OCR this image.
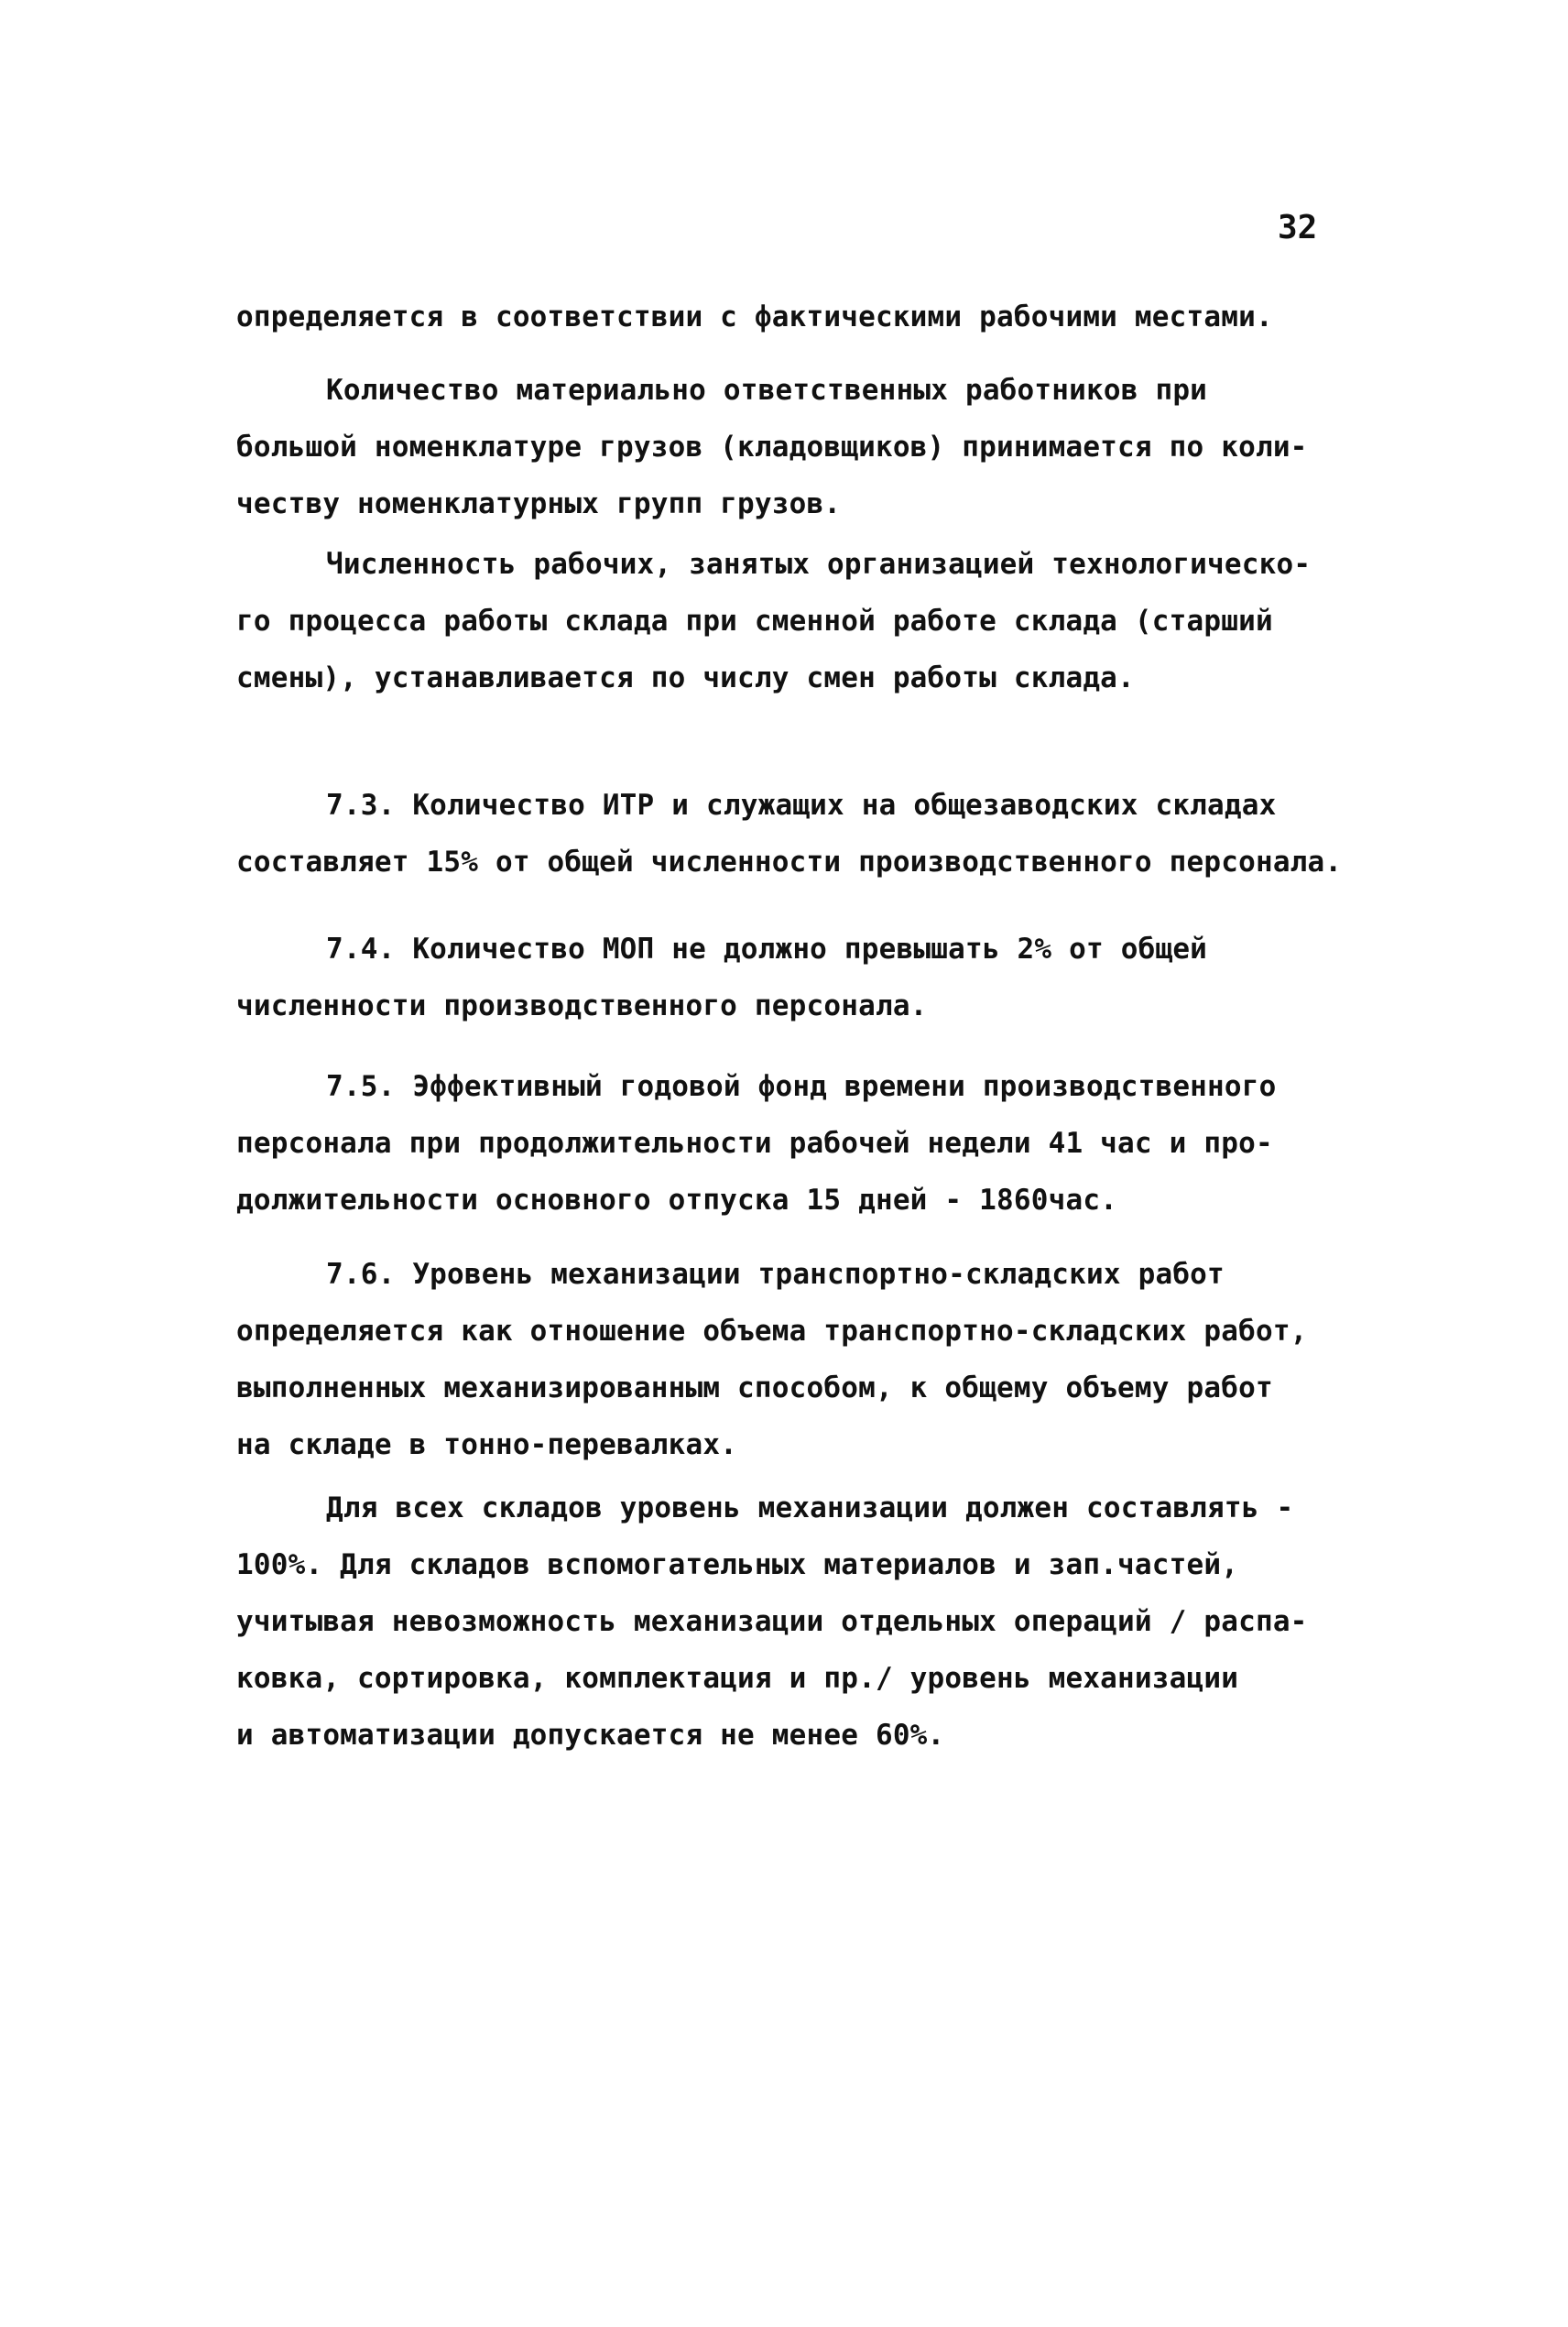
32
определяется в соответствии с фактическими рабочими местами.
Количество материально ответственных работников при
большой номенклатуре грузов (кладовщиков) принимается по коли-
честву номенклатурных групп грузов.
Численность рабочих, занятых организацией технологическо-
го процесса работы склада при сменной работе склада (старший
смены), устанавливается по числу смен работы склада.
7.3. Количество ИТР и служащих на общезаводских складах
составляет 15% от общей численности производственного персонала.
7.4. Количество МОП не должно превышать 2% от общей
численности производственного персонала.
7.5. Эффективный годовой фонд времени производственного
персонала при продолжительности рабочей недели 41 час и про-
должительности основного отпуска 15 дней - 1860час.
7.6. Уровень механизации транспортно-складских работ
определяется как отношение объема транспортно-складских работ,
выполненных механизированным способом, к общему объему работ
на складе в тонно-перевалках.
Для всех складов уровень механизации должен составлять -
100%. Для складов вспомогательных материалов и зап.частей,
учитывая невозможность механизации отдельных операций / распа-
ковка, сортировка, комплектация и пр./ уровень механизации
и автоматизации допускается не менее 60%.
